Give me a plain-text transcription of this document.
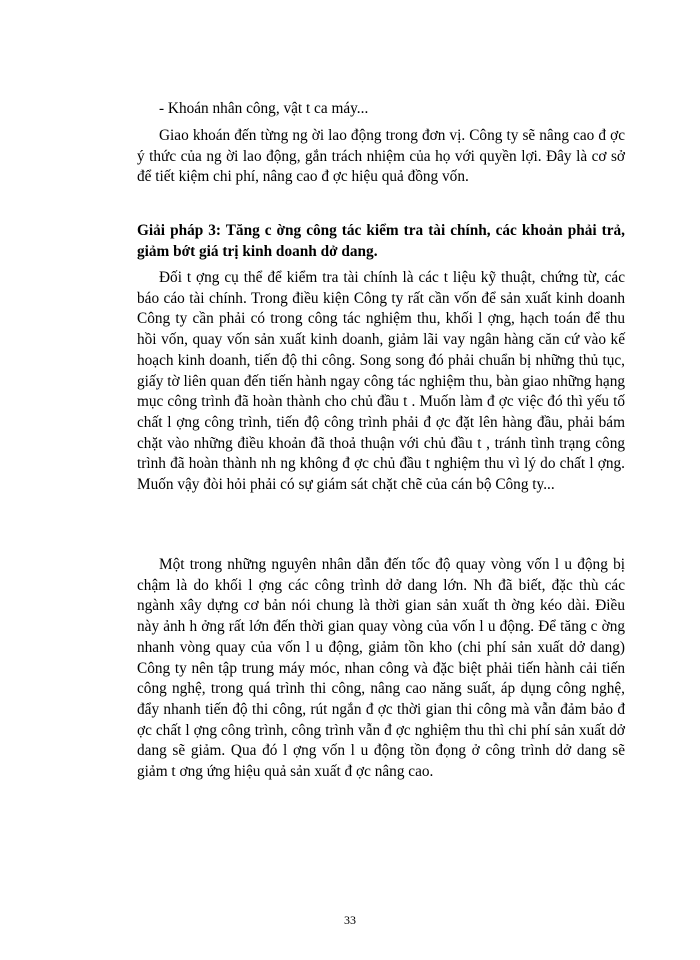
- Khoán nhân công, vật t ca máy...

Giao khoán đến từng ng ời lao động trong đơn vị. Công ty sẽ nâng cao đ ợc ý thức của ng ời lao động, gắn trách nhiệm của họ với quyền lợi. Đây là cơ sở để tiết kiệm chi phí, nâng cao đ ợc hiệu quả đồng vốn.

Giải pháp 3: Tăng c ờng công tác kiểm tra tài chính, các khoản phải trả, giảm bớt giá trị kinh doanh dở dang.

Đối t ợng cụ thể để kiểm tra tài chính là các t liệu kỹ thuật, chứng từ, các báo cáo tài chính. Trong điều kiện Công ty rất cần vốn để sản xuất kinh doanh Công ty cần phải có trong công tác nghiệm thu, khối l ợng, hạch toán để thu hồi vốn, quay vốn sản xuất kinh doanh, giảm lãi vay ngân hàng căn cứ vào kế hoạch kinh doanh, tiến độ thi công. Song song đó phải chuẩn bị những thủ tục, giấy tờ liên quan đến tiến hành ngay công tác nghiệm thu, bàn giao những hạng mục công trình đã hoàn thành cho chủ đầu t . Muốn làm đ ợc việc đó thì yếu tố chất l ợng công trình, tiến độ công trình phải đ ợc đặt lên hàng đầu, phải bám chặt vào những điều khoản đã thoả thuận với chủ đầu t , tránh tình trạng công trình đã hoàn thành nh ng không đ ợc chủ đầu t nghiệm thu vì lý do chất l ợng. Muốn vậy đòi hỏi phải có sự giám sát chặt chẽ của cán bộ Công ty...

Một trong những nguyên nhân dẫn đến tốc độ quay vòng vốn l u động bị chậm là do khối l ợng các công trình dở dang lớn. Nh đã biết, đặc thù các ngành xây dựng cơ bản nói chung là thời gian sản xuất th ờng kéo dài. Điều này ảnh h ởng rất lớn đến thời gian quay vòng của vốn l u động. Để tăng c ờng nhanh vòng quay của vốn l u động, giảm tồn kho (chi phí sản xuất dở dang) Công ty nên tập trung máy móc, nhan công và đặc biệt phải tiến hành cải tiến công nghệ, trong quá trình thi công, nâng cao năng suất, áp dụng công nghệ, đẩy nhanh tiến độ thi công, rút ngắn đ ợc thời gian thi công mà vẫn đảm bảo đ ợc chất l ợng công trình, công trình vẫn đ ợc nghiệm thu thì chi phí sản xuất dở dang sẽ giảm. Qua đó l ợng vốn l u động tồn đọng ở công trình dở dang sẽ giảm t ơng ứng hiệu quả sản xuất đ ợc nâng cao.

33
